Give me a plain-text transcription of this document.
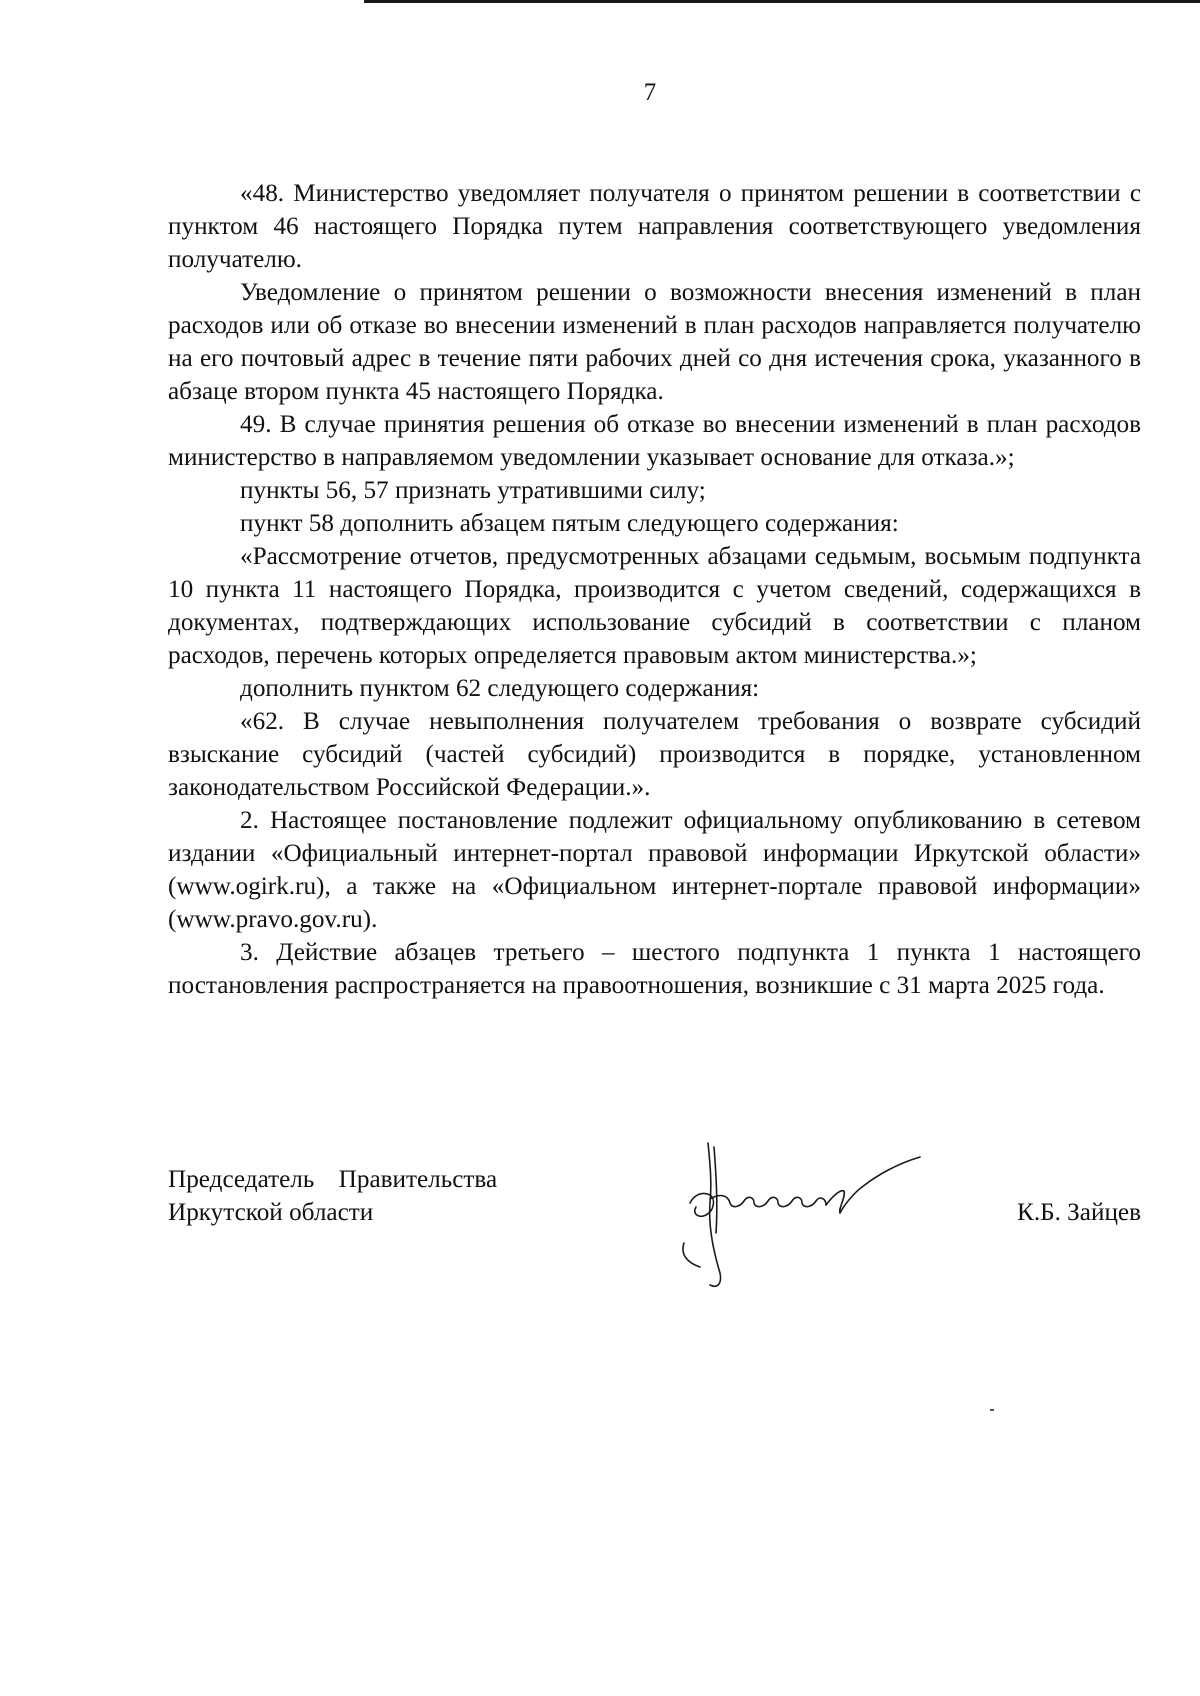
7

«48. Министерство уведомляет получателя о принятом решении в соответствии с пунктом 46 настоящего Порядка путем направления соответствующего уведомления получателю.

Уведомление о принятом решении о возможности внесения изменений в план расходов или об отказе во внесении изменений в план расходов направляется получателю на его почтовый адрес в течение пяти рабочих дней со дня истечения срока, указанного в абзаце втором пункта 45 настоящего Порядка.

49. В случае принятия решения об отказе во внесении изменений в план расходов министерство в направляемом уведомлении указывает основание для отказа.»;

пункты 56, 57 признать утратившими силу;

пункт 58 дополнить абзацем пятым следующего содержания:

«Рассмотрение отчетов, предусмотренных абзацами седьмым, восьмым подпункта 10 пункта 11 настоящего Порядка, производится с учетом сведений, содержащихся в документах, подтверждающих использование субсидий в соответствии с планом расходов, перечень которых определяется правовым актом министерства.»;

дополнить пунктом 62 следующего содержания:

«62. В случае невыполнения получателем требования о возврате субсидий взыскание субсидий (частей субсидий) производится в порядке, установленном законодательством Российской Федерации.».

2. Настоящее постановление подлежит официальному опубликованию в сетевом издании «Официальный интернет-портал правовой информации Иркутской области» (www.ogirk.ru), а также на «Официальном интернет-портале правовой информации» (www.pravo.gov.ru).

3. Действие абзацев третьего – шестого подпункта 1 пункта 1 настоящего постановления распространяется на правоотношения, возникшие с 31 марта 2025 года.

Председатель Правительства
Иркутской области	К.Б. Зайцев
